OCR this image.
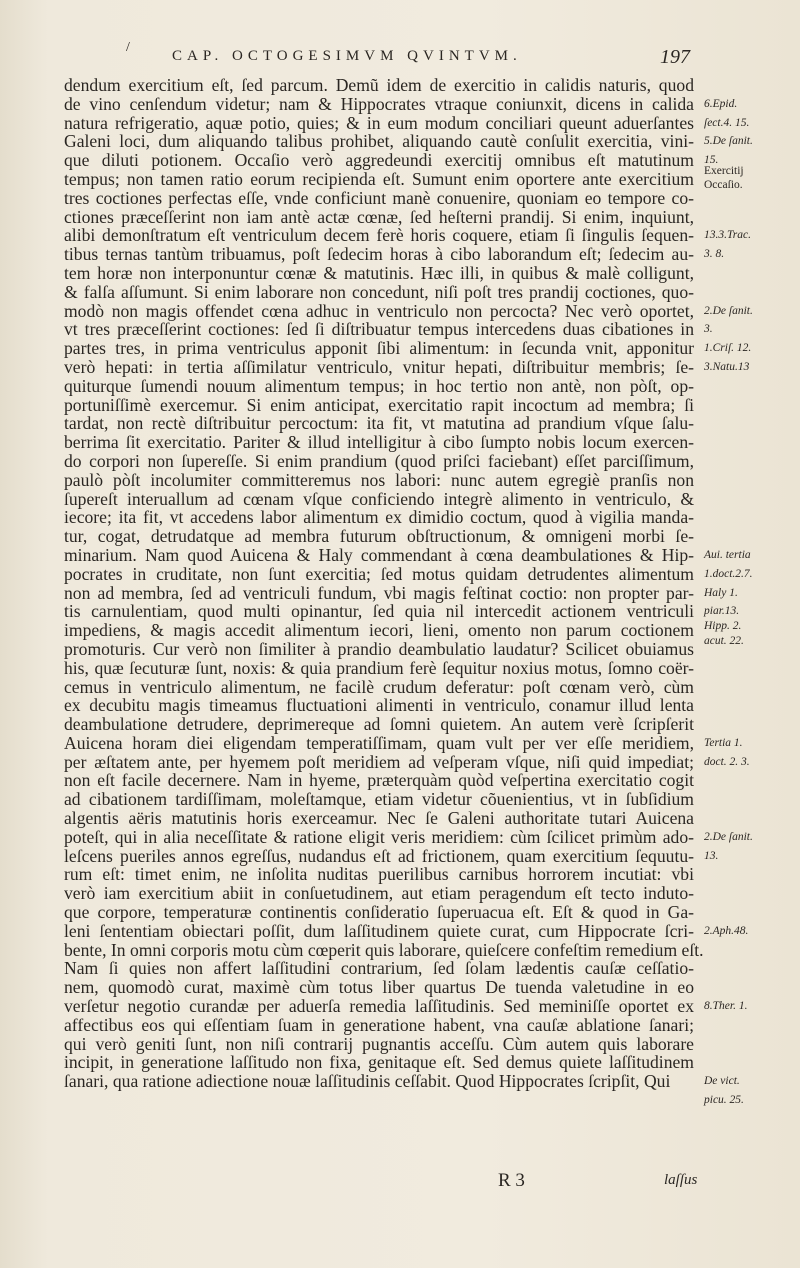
/
CAP. OCTOGESIMVM QVINTVM.	197
dendum exercitium eſt, ſed parcum. Demũ idem de exercitio in calidis naturis, quod
de vino cenſendum videtur; nam & Hippocrates vtraque coniunxit, dicens in calida
natura refrigeratio, aquæ potio, quies; & in eum modum conciliari queunt aduerſantes
Galeni loci, dum aliquando talibus prohibet, aliquando cautè conſulit exercitia, vini-
que diluti potionem. Occaſio verò aggredeundi exercitij omnibus eſt matutinum
tempus; non tamen ratio eorum recipienda eſt. Sumunt enim oportere ante exercitium
tres coctiones perfectas eſſe, vnde conficiunt manè conuenire, quoniam eo tempore co-
ctiones præceſſerint non iam antè actæ cœnæ, ſed heſterni prandij. Si enim, inquiunt,
alibi demonſtratum eſt ventriculum decem ferè horis coquere, etiam ſi ſingulis ſequen-
tibus ternas tantùm tribuamus, poſt ſedecim horas à cibo laborandum eſt; ſedecim au-
tem horæ non interponuntur cœnæ & matutinis. Hæc illi, in quibus & malè colligunt,
& falſa aſſumunt. Si enim laborare non concedunt, niſi poſt tres prandij coctiones, quo-
modò non magis offendet cœna adhuc in ventriculo non percocta? Nec verò oportet,
vt tres præceſſerint coctiones: ſed ſi diſtribuatur tempus intercedens duas cibationes in
partes tres, in prima ventriculus apponit ſibi alimentum: in ſecunda vnit, apponitur
verò hepati: in tertia aſſimilatur ventriculo, vnitur hepati, diſtribuitur membris; ſe-
quiturque ſumendi nouum alimentum tempus; in hoc tertio non antè, non pòſt, op-
portuniſſimè exercemur. Si enim anticipat, exercitatio rapit incoctum ad membra; ſi
tardat, non rectè diſtribuitur percoctum: ita fit, vt matutina ad prandium vſque ſalu-
berrima ſit exercitatio. Pariter & illud intelligitur à cibo ſumpto nobis locum exercen-
do corpori non ſupereſſe. Si enim prandium (quod priſci faciebant) eſſet parciſſimum,
paulò pòſt incolumiter committeremus nos labori: nunc autem egregiè pranſis non
ſupereſt interuallum ad cœnam vſque conficiendo integrè alimento in ventriculo, &
iecore; ita fit, vt accedens labor alimentum ex dimidio coctum, quod à vigilia manda-
tur, cogat, detrudatque ad membra futurum obſtructionum, & omnigeni morbi ſe-
minarium. Nam quod Auicena & Haly commendant à cœna deambulationes & Hip-
pocrates in cruditate, non ſunt exercitia; ſed motus quidam detrudentes alimentum
non ad membra, ſed ad ventriculi fundum, vbi magis feſtinat coctio: non propter par-
tis carnulentiam, quod multi opinantur, ſed quia nil intercedit actionem ventriculi
impediens, & magis accedit alimentum iecori, lieni, omento non parum coctionem
promoturis. Cur verò non ſimiliter à prandio deambulatio laudatur? Scilicet obuiamus
his, quæ ſecuturæ ſunt, noxis: & quia prandium ferè ſequitur noxius motus, ſomno coër-
cemus in ventriculo alimentum, ne facilè crudum deferatur: poſt cœnam verò, cùm
ex decubitu magis timeamus fluctuationi alimenti in ventriculo, conamur illud lenta
deambulatione detrudere, deprimereque ad ſomni quietem. An autem verè ſcripſerit
Auicena horam diei eligendam temperatiſſimam, quam vult per ver eſſe meridiem,
per æſtatem ante, per hyemem poſt meridiem ad veſperam vſque, niſi quid impediat;
non eſt facile decernere. Nam in hyeme, præterquàm quòd veſpertina exercitatio cogit
ad cibationem tardiſſimam, moleſtamque, etiam videtur cõuenientius, vt in ſubſidium
algentis aëris matutinis horis exerceamur. Nec ſe Galeni authoritate tutari Auicena
poteſt, qui in alia neceſſitate & ratione eligit veris meridiem: cùm ſcilicet primùm ado-
leſcens pueriles annos egreſſus, nudandus eſt ad frictionem, quam exercitium ſequutu-
rum eſt: timet enim, ne inſolita nuditas puerilibus carnibus horrorem incutiat: vbi
verò iam exercitium abiit in conſuetudinem, aut etiam peragendum eſt tecto induto-
que corpore, temperaturæ continentis conſideratio ſuperuacua eſt. Eſt & quod in Ga-
leni ſententiam obiectari poſſit, dum laſſitudinem quiete curat, cum Hippocrate ſcri-
bente, In omni corporis motu cùm cœperit quis laborare, quieſcere confeſtim remedium eſt.
Nam ſi quies non affert laſſitudini contrarium, ſed ſolam lædentis cauſæ ceſſatio-
nem, quomodò curat, maximè cùm totus liber quartus De tuenda valetudine in eo
verſetur negotio curandæ per aduerſa remedia laſſitudinis. Sed meminiſſe oportet ex
affectibus eos qui eſſentiam ſuam in generatione habent, vna cauſæ ablatione ſanari;
qui verò geniti ſunt, non niſi contrarij pugnantis acceſſu. Cùm autem quis laborare
incipit, in generatione laſſitudo non fixa, genitaque eſt. Sed demus quiete laſſitudinem
ſanari, qua ratione adiectione nouæ laſſitudinis ceſſabit. Quod Hippocrates ſcripſit, Qui
6.Epid.
ſect.4. 15.
5.De ſanit.
15.
Exercitij
Occaſio.
13.3.Trac.
3. 8.
2.De ſanit.
3.
1.Criſ. 12.
3.Natu.13
Aui. tertia
1.doct.2.7.
Haly 1.
piar.13.
Hipp. 2.
acut. 22.
Tertia 1.
doct. 2. 3.
2.De ſanit.
13.
2.Aph.48.
8.Ther. 1.
De vict.
picu. 25.
R 3	laſſus
